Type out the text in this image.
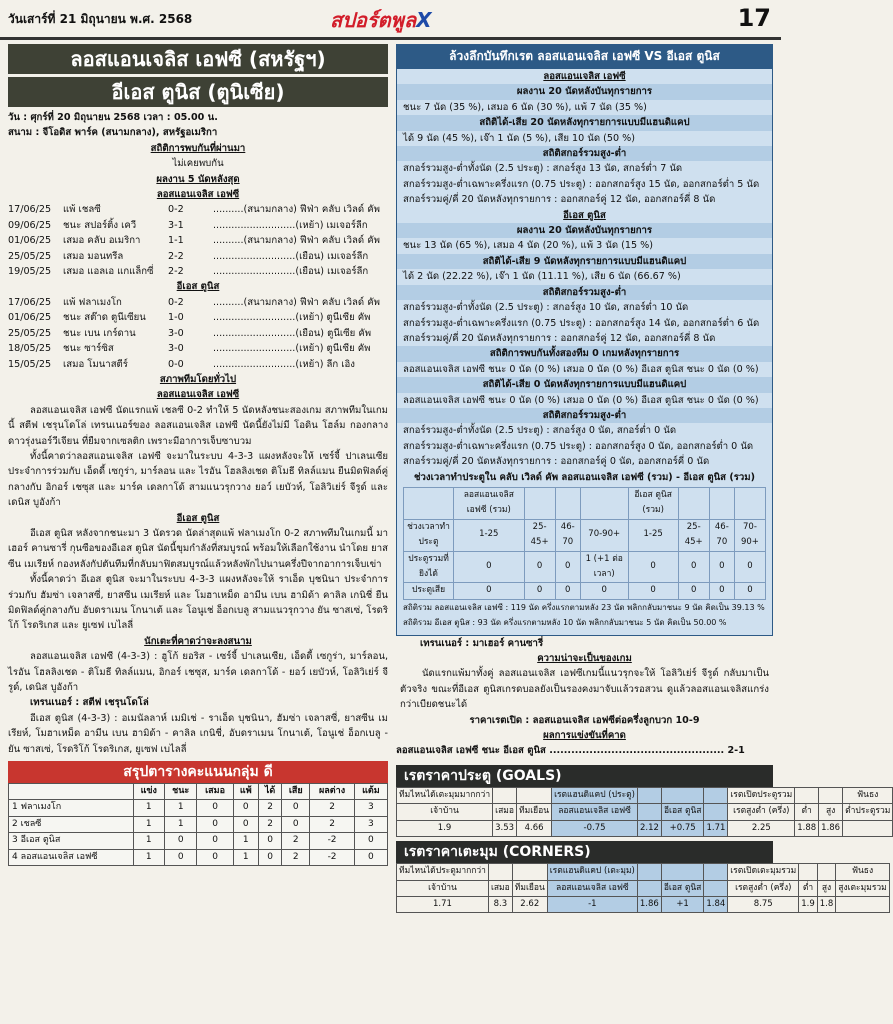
วันเสาร์ที่ 21 มิถุนายน พ.ศ. 2568	สปอร์ตพูลX	17
ลอสแอนเจลิส เอฟซี (สหรัฐฯ)
อีเอส ตูนิส (ตูนิเซีย)
วัน : ศุกร์ที่ 20 มิถุนายน 2568 เวลา : 05.00 น.
สนาม : จีโอดิส พาร์ค (สนามกลาง), สหรัฐอเมริกา
สถิติการพบกันที่ผ่านมา
ไม่เคยพบกัน
ผลงาน 5 นัดหลังสุด
ลอสแอนเจลิส เอฟซี
17/06/25	แพ้ เชลซี	0-2	..........(สนามกลาง) ฟีฟ่า คลับ เวิลด์ คัพ
09/06/25	ชนะ สปอร์ติ้ง เควี	3-1	...........................(เหย้า) เมเจอร์ลีก
01/06/25	เสมอ คลับ อเมริกา	1-1	..........(สนามกลาง) ฟีฟ่า คลับ เวิลด์ คัพ
25/05/25	เสมอ มอนทรีล	2-2	...........................(เยือน) เมเจอร์ลีก
19/05/25	เสมอ แอลเอ แกแล็กซี่	2-2	...........................(เยือน) เมเจอร์ลีก
อีเอส ตูนิส
17/06/25	แพ้ ฟลาเมงโก	0-2	..........(สนามกลาง) ฟีฟ่า คลับ เวิลด์ คัพ
01/06/25	ชนะ สต๊าด ตูนีเซียน	1-0	...........................(เหย้า) ตูนีเซีย คัพ
25/05/25	ชนะ เบน เกร์ดาน	3-0	...........................(เยือน) ตูนีเซีย คัพ
18/05/25	ชนะ ซาร์ซิส	3-0	...........................(เหย้า) ตูนีเซีย คัพ
15/05/25	เสมอ โมนาสตีร์	0-0	...........................(เหย้า) ลีก เอิง
สภาพทีมโดยทั่วไป
ลอสแอนเจลิส เอฟซี
ลอสแอนเจลิส เอฟซี นัดแรกแพ้ เชลซี 0-2 ทำให้ 5 นัดหลังชนะสองเกม สภาพทีมในเกมนี้ สตีฟ เชรุนโดโล่ เทรนเนอร์ของ ลอสแอนเจลิส เอฟซี นัดนี้ยังไม่มี โอดิน โฮล์ม กองกลางดาวรุ่งนอร์วีเจียน ที่ยืมจากเซลติก เพราะมีอาการเจ็บซาบวม
ทั้งนี้คาดว่าลอสแอนเจลิส เอฟซี จะมาในระบบ 4-3-3 แผงหลังจะให้ เซร์จี้ ปาเลนเซีย ประจำการร่วมกับ เอ็ดดี้ เซกูร่า, มาร์ลอน และ ไรอัน โฮลลิงเชด ติโมธี ทิลล์แมน ยืนมิดฟิลด์คู่กลางกับ อิกอร์ เชซุส และ มาร์ค เดลกาโด้ สามแนวรุกวาง ยอว์ เยบัวห์, โอลิวิเย่ร์ จีรูด์ และ เดนิส บูอังก้า
อีเอส ตูนิส
อีเอส ตูนิส หลังจากชนะมา 3 นัดรวด นัดล่าสุดแพ้ ฟลาเมงโก 0-2 สภาพทีมในเกมนี้ มาเฮอร์ คานซารี่ กุนซือของอีเอส ตูนิส นัดนี้ขุมกำลังที่สมบูรณ์ พร้อมให้เลือกใช้งาน นำโดย ยาสซีน เมเรียห์ กองหลังกัปตันทีมที่กลับมาฟิตสมบูรณ์แล้วหลังพักไปนานครึ่งปีจากอาการเจ็บเข่า
ทั้งนี้คาดว่า อีเอส ตูนิส จะมาในระบบ 4-3-3 แผงหลังจะให้ ราเอ็ด บุชนินา ประจำการร่วมกับ ฮัมซ่า เจลาสซี่, ยาสซีน เมเรียห์ และ โมฮาเหม็ด อามีน เบน ฮามิด้า คาลิล เกนิชี่ ยืนมิดฟิลด์คู่กลางกับ อับดราเมน โกนาเต้ และ โอนูเช่ อ็อกเบลู สามแนวรุกวาง ยัน ซาสเซ่, โรดริโก้ โรดริเกส และ ยูเซฟ เบไลลี่
นักเตะที่คาดว่าจะลงสนาม
ลอสแอนเจลิส เอฟซี (4-3-3) : ฮูโก้ ยอริส - เซร์จี้ ปาเลนเซีย, เอ็ดดี้ เซกูร่า, มาร์ลอน, ไรอัน โฮลลิงเชด - ติโมธี ทิลล์แมน, อิกอร์ เชซุส, มาร์ค เดลกาโด้ - ยอว์ เยบัวห์, โอลิวิเย่ร์ จีรูด์, เดนิส บูอังก้า
เทรนเนอร์ : สตีฟ เชรุนโดโล่
อีเอส ตูนิส (4-3-3) : อเมนัลลาห์ เมมิเช่ - ราเอ็ด บุชนินา, ฮัมซ่า เจลาสซี่, ยาสซีน เมเรียห์, โมฮาเหม็ด อามีน เบน ฮามิด้า - คาลิล เกนิชี่, อับดราเมน โกนาเต้, โอนูเช่ อ็อกเบลู - ยัน ซาสเซ่, โรดริโก้ โรดริเกส, ยูเซฟ เบไลลี่
สรุปตารางคะแนนกลุ่ม ดี
	แข่ง	ชนะ	เสมอ	แพ้	ได้	เสีย	ผลต่าง	แต้ม
1 ฟลาเมงโก	1	1	0	0	2	0	2	3
2 เชลซี	1	1	0	0	2	0	2	3
3 อีเอส ตูนิส	1	0	0	1	0	2	-2	0
4 ลอสแอนเจลิส เอฟซี	1	0	0	1	0	2	-2	0
ล้วงลึกบันทึกเรต ลอสแอนเจลิส เอฟซี VS อีเอส ตูนิส
ลอสแอนเจลิส เอฟซี
ผลงาน 20 นัดหลังบันทุกรายการ
ชนะ 7 นัด (35 %), เสมอ 6 นัด (30 %), แพ้ 7 นัด (35 %)
สถิติได้-เสีย 20 นัดหลังทุกรายการแบบมีแฮนดิแคป
ได้ 9 นัด (45 %), เจ๊า 1 นัด (5 %), เสีย 10 นัด (50 %)
สถิติสกอร์รวมสูง-ต่ำ
สกอร์รวมสูง-ต่ำทั้งนัด (2.5 ประตู) : สกอร์สูง 13 นัด, สกอร์ต่ำ 7 นัด
สกอร์รวมสูง-ต่ำเฉพาะครึ่งแรก (0.75 ประตู) : ออกสกอร์สูง 15 นัด, ออกสกอร์ต่ำ 5 นัด
สกอร์รวมคู่/คี่ 20 นัดหลังทุกรายการ : ออกสกอร์คู่ 12 นัด, ออกสกอร์คี่ 8 นัด
อีเอส ตูนิส
ผลงาน 20 นัดหลังบันทุกรายการ
ชนะ 13 นัด (65 %), เสมอ 4 นัด (20 %), แพ้ 3 นัด (15 %)
สถิติได้-เสีย 9 นัดหลังทุกรายการแบบมีแฮนดิแคป
ได้ 2 นัด (22.22 %), เจ๊า 1 นัด (11.11 %), เสีย 6 นัด (66.67 %)
สถิติสกอร์รวมสูง-ต่ำ
สกอร์รวมสูง-ต่ำทั้งนัด (2.5 ประตู) : สกอร์สูง 10 นัด, สกอร์ต่ำ 10 นัด
สกอร์รวมสูง-ต่ำเฉพาะครึ่งแรก (0.75 ประตู) : ออกสกอร์สูง 14 นัด, ออกสกอร์ต่ำ 6 นัด
สกอร์รวมคู่/คี่ 20 นัดหลังทุกรายการ : ออกสกอร์คู่ 12 นัด, ออกสกอร์คี่ 8 นัด
สถิติการพบกันทั้งสองทีม 0 เกมหลังทุกรายการ
ลอสแอนเจลิส เอฟซี ชนะ 0 นัด (0 %) เสมอ 0 นัด (0 %) อีเอส ตูนิส ชนะ 0 นัด (0 %)
สถิติได้-เสีย 0 นัดหลังทุกรายการแบบมีแฮนดิแคป
ลอสแอนเจลิส เอฟซี ชนะ 0 นัด (0 %) เสมอ 0 นัด (0 %) อีเอส ตูนิส ชนะ 0 นัด (0 %)
สถิติสกอร์รวมสูง-ต่ำ
สกอร์รวมสูง-ต่ำทั้งนัด (2.5 ประตู) : สกอร์สูง 0 นัด, สกอร์ต่ำ 0 นัด
สกอร์รวมสูง-ต่ำเฉพาะครึ่งแรก (0.75 ประตู) : ออกสกอร์สูง 0 นัด, ออกสกอร์ต่ำ 0 นัด
สกอร์รวมคู่/คี่ 20 นัดหลังทุกรายการ : ออกสกอร์คู่ 0 นัด, ออกสกอร์คี่ 0 นัด
ช่วงเวลาทำประตูใน คลับ เวิลด์ คัพ ลอสแอนเจลิส เอฟซี (รวม) - อีเอส ตูนิส (รวม)
	ลอสแอนเจลิส เอฟซี (รวม)				อีเอส ตูนิส (รวม)			
ช่วงเวลาทำประตู	1-25	25-45+	46-70	70-90+	1-25	25-45+	46-70	70-90+
ประตูรวมที่ยิงได้	0	0	0	1 (+1 ต่อเวลา)	0	0	0	0
ประตูเสีย	0	0	0	0	0	0	0	0
สถิติรวม ลอสแอนเจลิส เอฟซี : 119 นัด ครึ่งแรกตามหลัง 23 นัด พลิกกลับมาชนะ 9 นัด คิดเป็น 39.13 %
สถิติรวม อีเอส ตูนิส : 93 นัด ครึ่งแรกตามหลัง 10 นัด พลิกกลับมาชนะ 5 นัด คิดเป็น 50.00 %
เทรนเนอร์ : มาเฮอร์ คานซารี่
ความน่าจะเป็นของเกม
นัดแรกแพ้มาทั้งคู่ ลอสแอนเจลิส เอฟซีเกมนี้แนวรุกจะให้ โอลิวิเย่ร์ จีรูด์ กลับมาเป็นตัวจริง ขณะที่อีเอส ตูนิสเกรดบอลยังเป็นรองคงมาจับแล้วรอสวน ดูแล้วลอสแอนเจลิสแกร่งกว่าเบียดชนะได้
ราคาเรตเปิด : ลอสแอนเจลิส เอฟซีต่อครึ่งลูกบวก 10-9
ผลการแข่งขันที่คาด
ลอสแอนเจลิส เอฟซี ชนะ อีเอส ตูนิส ................................................ 2-1
เรตราคาประตู (GOALS)
ทีมไหนได้เตะมุมมากกว่า			เรตแฮนดิแคป (ประตู)				เรตเปิดประตูรวม			ฟันธง
เจ้าบ้าน	เสมอ	ทีมเยือน	ลอสแอนเจลิส เอฟซี		อีเอส ตูนิส		เรตสูงต่ำ (ครึ่ง)	ต่ำ	สูง	ต่ำประตูรวม
1.9	3.53	4.66	-0.75	2.12	+0.75	1.71	2.25	1.88	1.86	
เรตราคาเตะมุม (CORNERS)
ทีมไหนได้ประตูมากกว่า			เรตแฮนดิแคป (เตะมุม)				เรตเปิดเตะมุมรวม			ฟันธง
เจ้าบ้าน	เสมอ	ทีมเยือน	ลอสแอนเจลิส เอฟซี		อีเอส ตูนิส		เรตสูงต่ำ (ครึ่ง)	ต่ำ	สูง	สูงเตะมุมรวม
1.71	8.3	2.62	-1	1.86	+1	1.84	8.75	1.9	1.8	
